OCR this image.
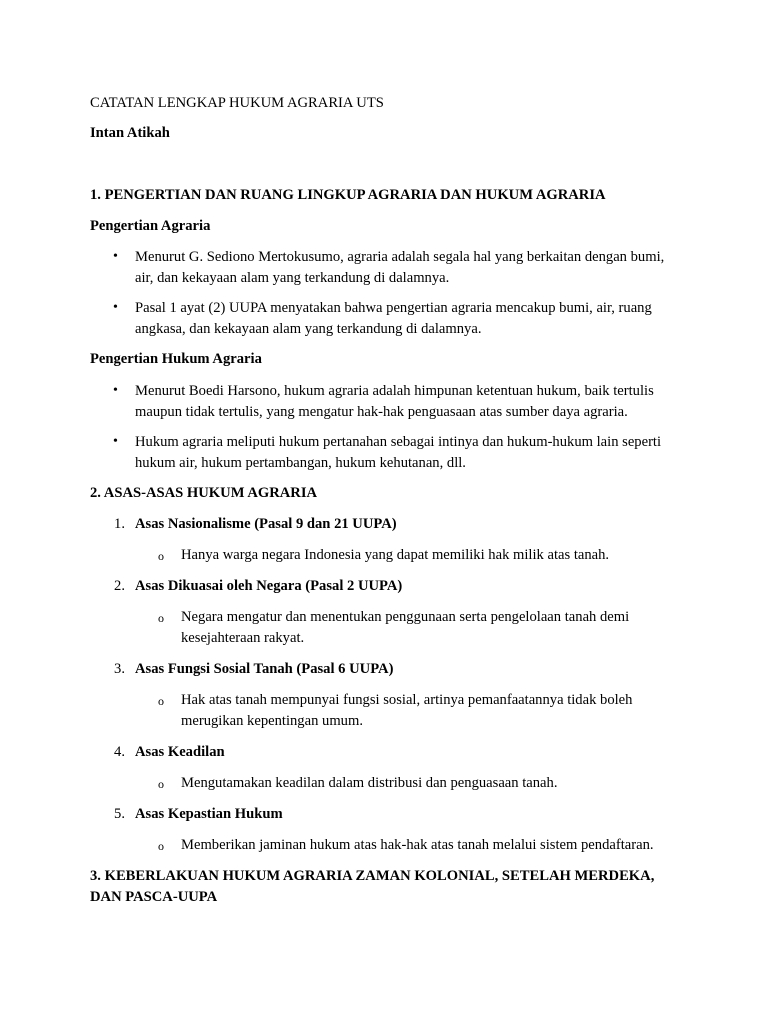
CATATAN LENGKAP HUKUM AGRARIA UTS

Intan Atikah

1. PENGERTIAN DAN RUANG LINGKUP AGRARIA DAN HUKUM AGRARIA

Pengertian Agraria

• Menurut G. Sediono Mertokusumo, agraria adalah segala hal yang berkaitan dengan bumi, air, dan kekayaan alam yang terkandung di dalamnya.

• Pasal 1 ayat (2) UUPA menyatakan bahwa pengertian agraria mencakup bumi, air, ruang angkasa, dan kekayaan alam yang terkandung di dalamnya.

Pengertian Hukum Agraria

• Menurut Boedi Harsono, hukum agraria adalah himpunan ketentuan hukum, baik tertulis maupun tidak tertulis, yang mengatur hak-hak penguasaan atas sumber daya agraria.

• Hukum agraria meliputi hukum pertanahan sebagai intinya dan hukum-hukum lain seperti hukum air, hukum pertambangan, hukum kehutanan, dll.

2. ASAS-ASAS HUKUM AGRARIA

1. Asas Nasionalisme (Pasal 9 dan 21 UUPA)

o Hanya warga negara Indonesia yang dapat memiliki hak milik atas tanah.

2. Asas Dikuasai oleh Negara (Pasal 2 UUPA)

o Negara mengatur dan menentukan penggunaan serta pengelolaan tanah demi kesejahteraan rakyat.

3. Asas Fungsi Sosial Tanah (Pasal 6 UUPA)

o Hak atas tanah mempunyai fungsi sosial, artinya pemanfaatannya tidak boleh merugikan kepentingan umum.

4. Asas Keadilan

o Mengutamakan keadilan dalam distribusi dan penguasaan tanah.

5. Asas Kepastian Hukum

o Memberikan jaminan hukum atas hak-hak atas tanah melalui sistem pendaftaran.

3. KEBERLAKUAN HUKUM AGRARIA ZAMAN KOLONIAL, SETELAH MERDEKA,

DAN PASCA-UUPA
